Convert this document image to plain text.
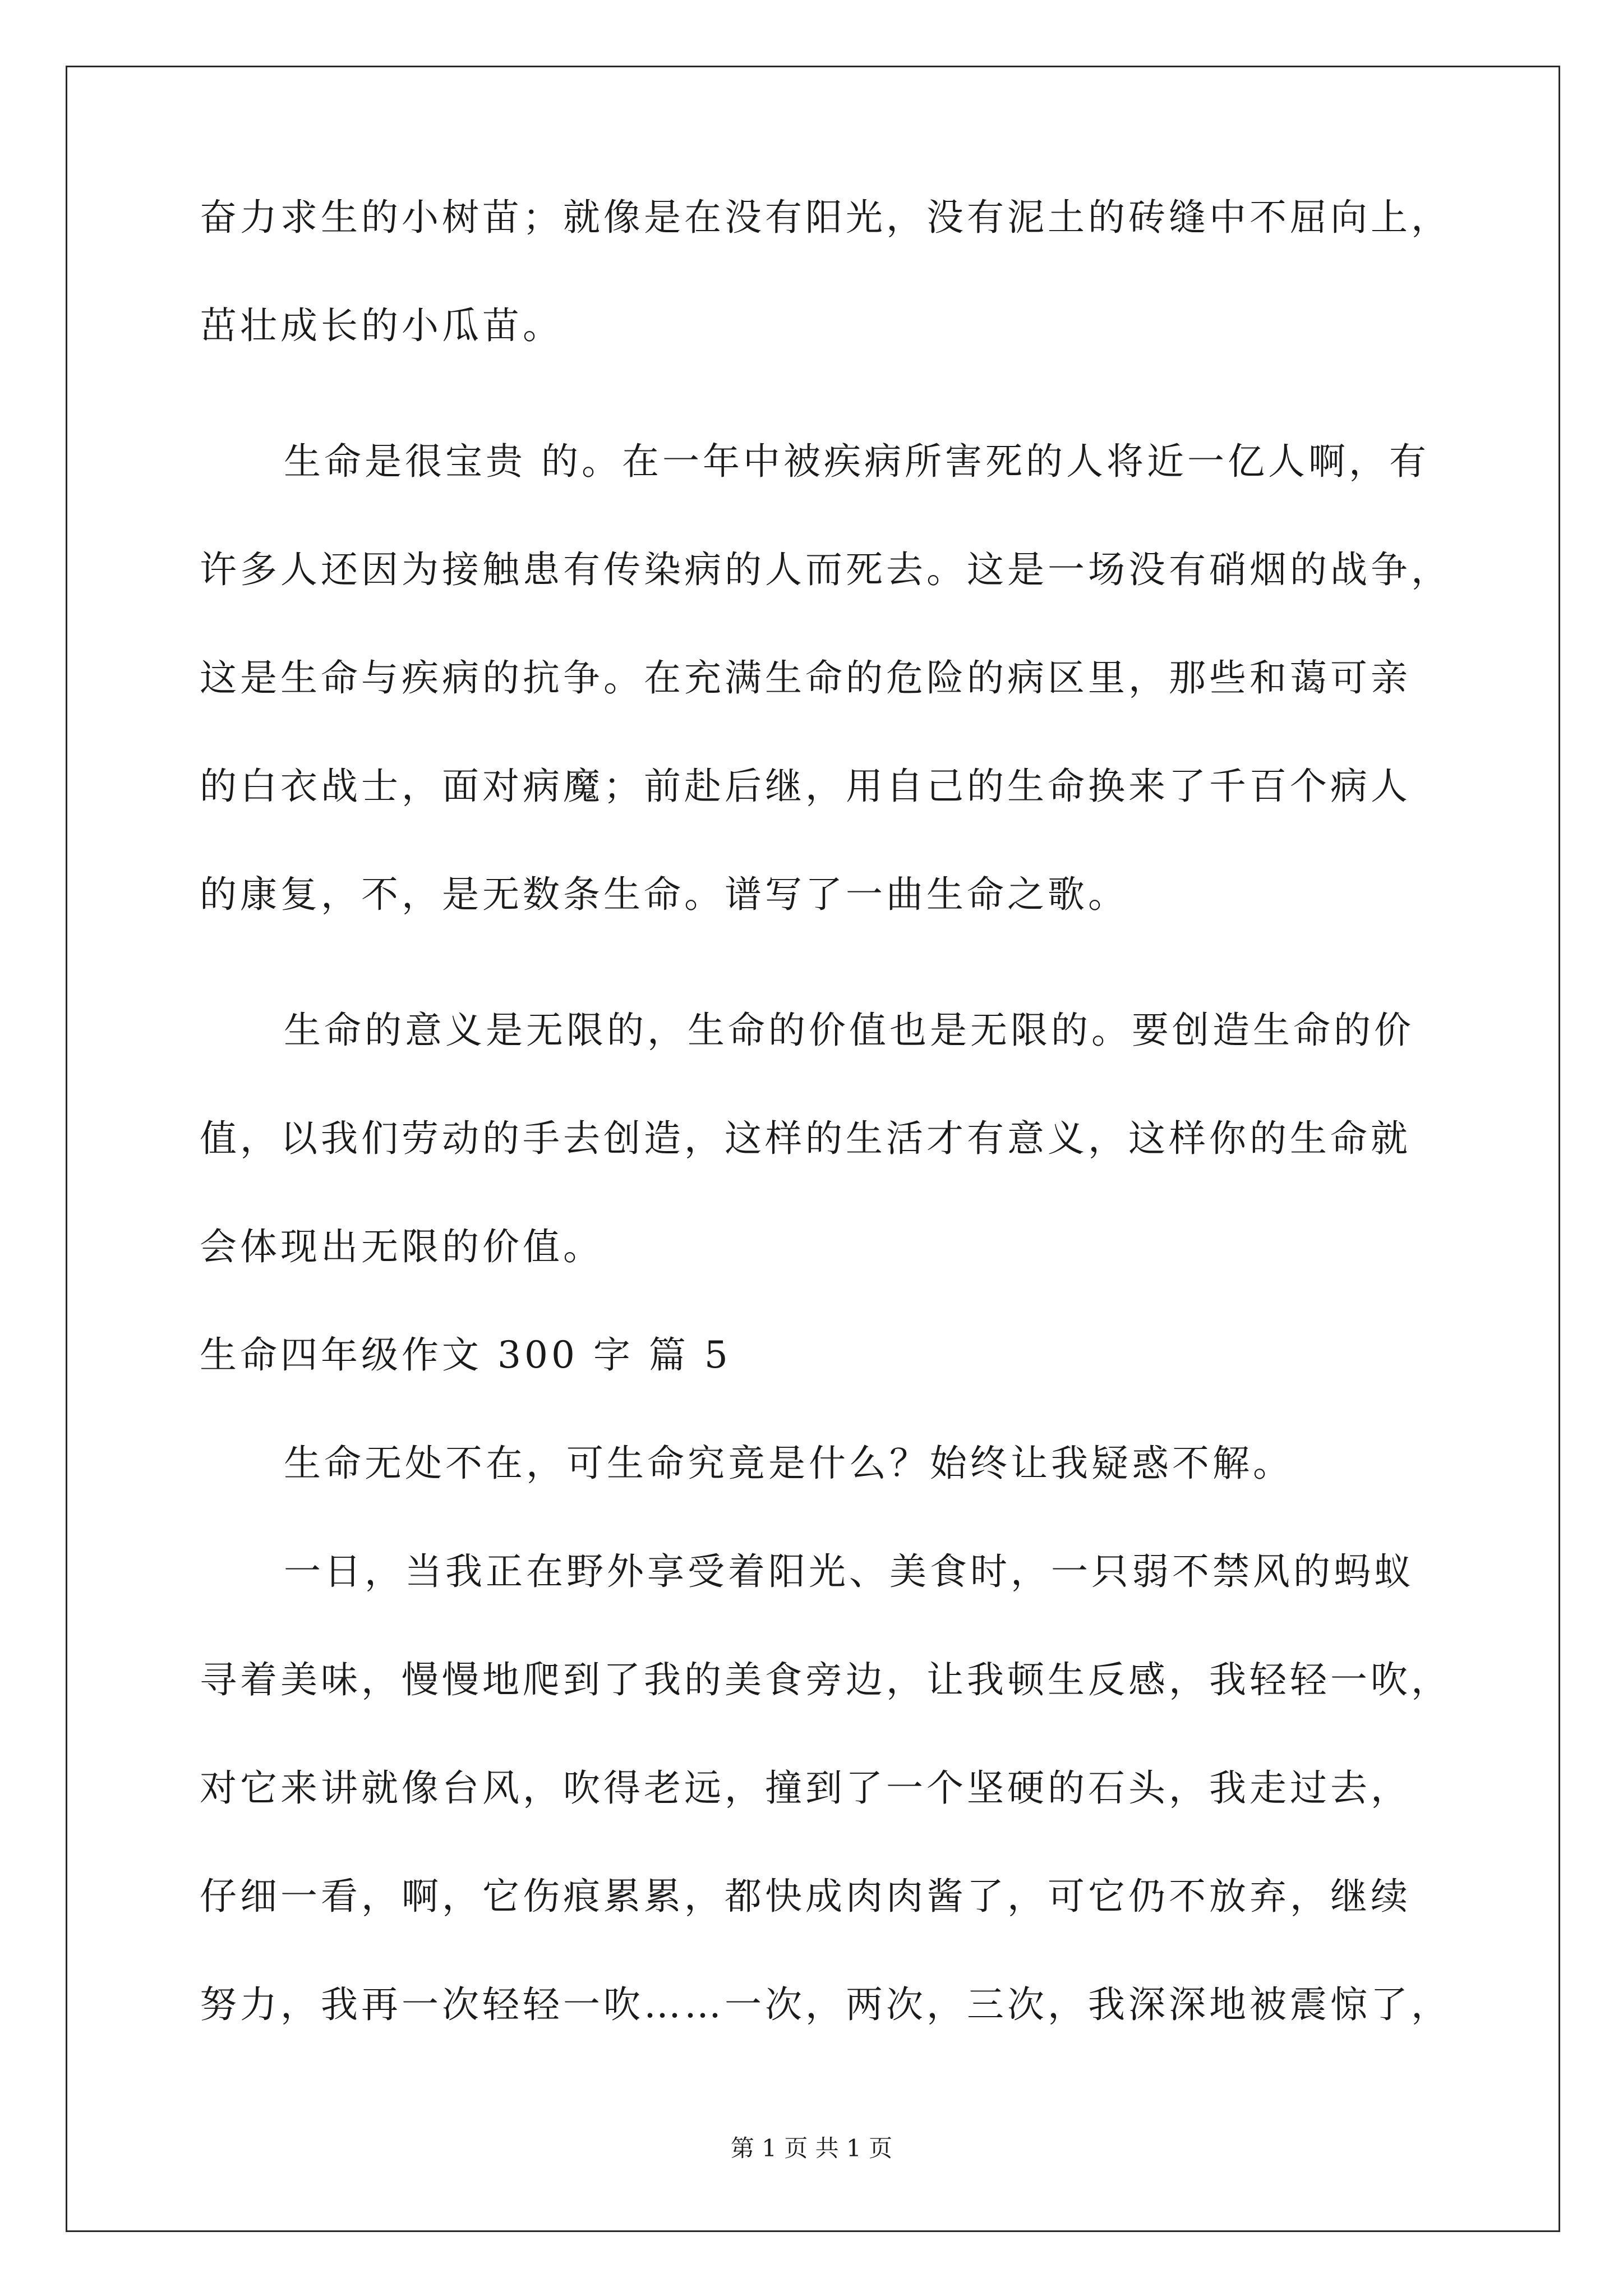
奋力求生的小树苗；就像是在没有阳光，没有泥土的砖缝中不屈向上，
茁壮成长的小瓜苗。
生命是很宝贵 的。在一年中被疾病所害死的人将近一亿人啊，有
许多人还因为接触患有传染病的人而死去。这是一场没有硝烟的战争，
这是生命与疾病的抗争。在充满生命的危险的病区里，那些和蔼可亲
的白衣战士，面对病魔；前赴后继，用自己的生命换来了千百个病人
的康复，不，是无数条生命。谱写了一曲生命之歌。
生命的意义是无限的，生命的价值也是无限的。要创造生命的价
值，以我们劳动的手去创造，这样的生活才有意义，这样你的生命就
会体现出无限的价值。
生命四年级作文 300 字 篇 5
生命无处不在，可生命究竟是什么？始终让我疑惑不解。
一日，当我正在野外享受着阳光、美食时，一只弱不禁风的蚂蚁
寻着美味，慢慢地爬到了我的美食旁边，让我顿生反感，我轻轻一吹，
对它来讲就像台风，吹得老远，撞到了一个坚硬的石头，我走过去，
仔细一看，啊，它伤痕累累，都快成肉肉酱了，可它仍不放弃，继续
努力，我再一次轻轻一吹……一次，两次，三次，我深深地被震惊了，
第 1 页 共 1 页
